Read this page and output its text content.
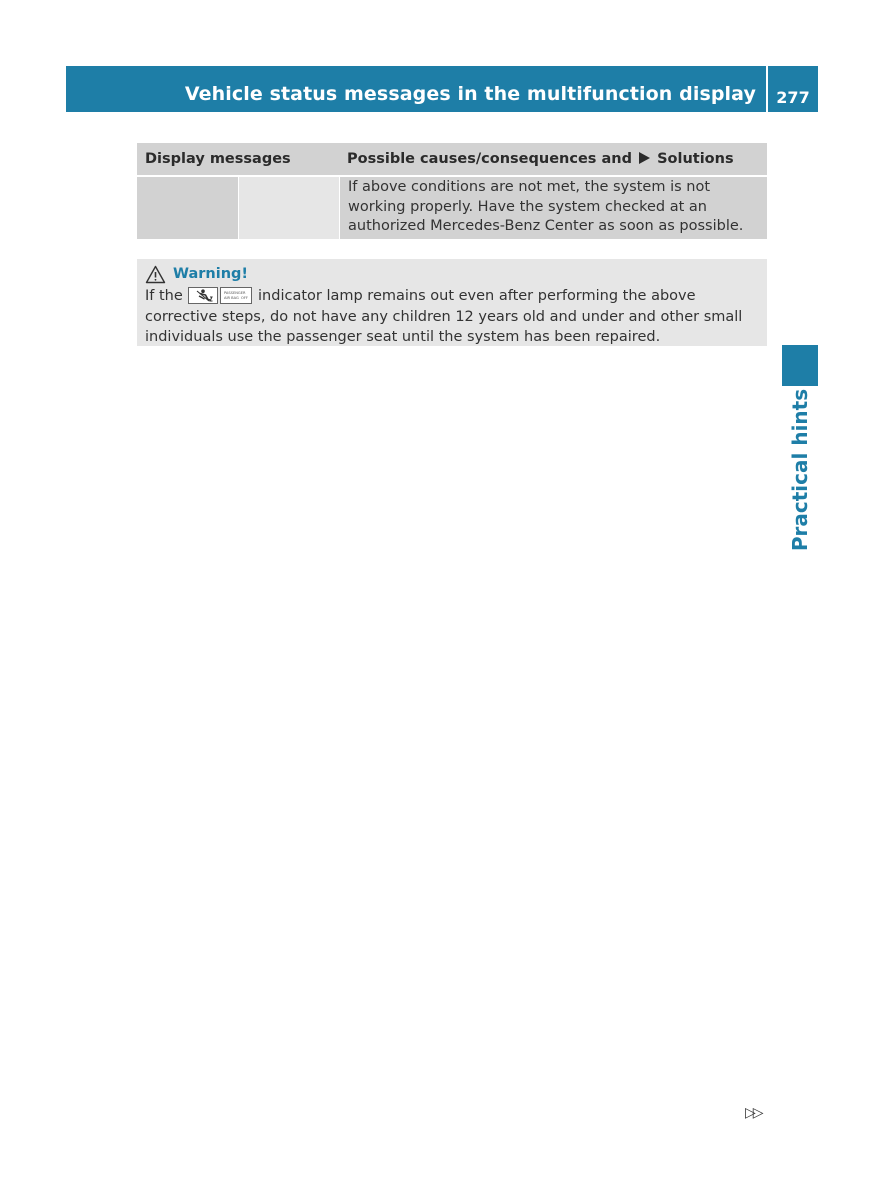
Vehicle status messages in the multifunction display	277
Display messages	Possible causes/consequences and Solutions
If above conditions are not met, the system is not working properly. Have the system checked at an authorized Mercedes-Benz Center as soon as possible.
Warning!
If the	PASSENGER
AIR BAG OFF indicator lamp remains out even after performing the above corrective steps, do not have any children 12 years old and under and other small individuals use the passenger seat until the system has been repaired.
Practical hints
▷▷
